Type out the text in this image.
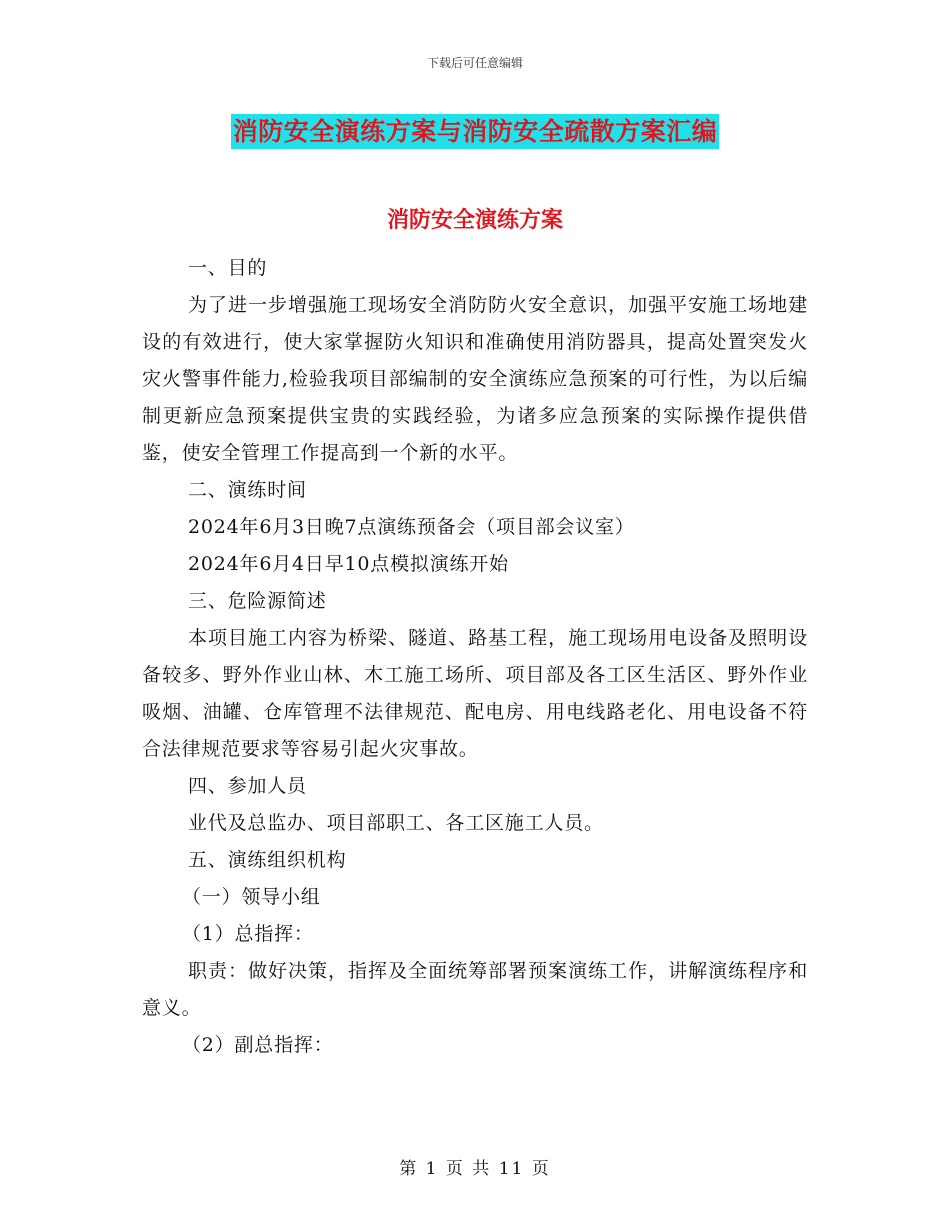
下载后可任意编辑
消防安全演练方案与消防安全疏散方案汇编
消防安全演练方案

一、目的

为了进一步增强施工现场安全消防防火安全意识，加强平安施工场地建设的有效进行，使大家掌握防火知识和准确使用消防器具，提高处置突发火灾火警事件能力,检验我项目部编制的安全演练应急预案的可行性，为以后编制更新应急预案提供宝贵的实践经验，为诸多应急预案的实际操作提供借鉴，使安全管理工作提高到一个新的水平。

二、演练时间

2024年6月3日晚7点演练预备会（项目部会议室）

2024年6月4日早10点模拟演练开始

三、危险源简述

本项目施工内容为桥梁、隧道、路基工程，施工现场用电设备及照明设备较多、野外作业山林、木工施工场所、项目部及各工区生活区、野外作业吸烟、油罐、仓库管理不法律规范、配电房、用电线路老化、用电设备不符合法律规范要求等容易引起火灾事故。

四、参加人员

业代及总监办、项目部职工、各工区施工人员。

五、演练组织机构

（一）领导小组

（1）总指挥：

职责：做好决策，指挥及全面统筹部署预案演练工作，讲解演练程序和意义。

（2）副总指挥：

第 1 页 共 11 页
